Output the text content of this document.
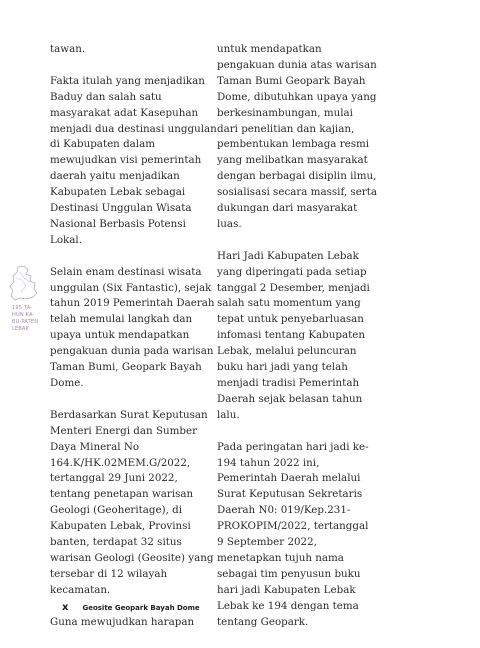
tawan.

Fakta itulah yang menjadikan Baduy dan salah satu masyarakat adat Kasepuhan menjadi dua destinasi unggulan di Kabupaten dalam mewujudkan visi pemerintah daerah yaitu menjadikan Kabupaten Lebak sebagai Destinasi Unggulan Wisata Nasional Berbasis Potensi Lokal.

Selain enam destinasi wisata unggulan (Six Fantastic), sejak tahun 2019 Pemerintah Daerah telah memulai langkah dan upaya untuk mendapatkan pengakuan dunia pada warisan Taman Bumi, Geopark Bayah Dome.

Berdasarkan Surat Keputusan Menteri Energi dan Sumber Daya Mineral No 164.K/HK.02MEM.G/2022, tertanggal 29 Juni 2022, tentang penetapan warisan Geologi (Geoheritage), di Kabupaten Lebak, Provinsi banten, terdapat 32 situs warisan Geologi (Geosite) yang tersebar di 12 wilayah kecamatan.

Guna mewujudkan harapan

untuk mendapatkan pengakuan dunia atas warisan Taman Bumi Geopark Bayah Dome, dibutuhkan upaya yang berkesinambungan, mulai dari penelitian dan kajian, pembentukan lembaga resmi yang melibatkan masyarakat dengan berbagai disiplin ilmu, sosialisasi secara massif, serta dukungan dari masyarakat luas.

Hari Jadi Kabupaten Lebak yang diperingati pada setiap tanggal 2 Desember, menjadi salah satu momentum yang tepat untuk penyebarluasan infomasi tentang Kabupaten Lebak, melalui peluncuran buku hari jadi yang telah menjadi tradisi Pemerintah Daerah sejak belasan tahun lalu.

Pada peringatan hari jadi ke-194 tahun 2022 ini, Pemerintah Daerah melalui Surat Keputusan Sekretaris Daerah N0: 019/Kep.231-PROKOPIM/2022, tertanggal 9 September 2022, menetapkan tujuh nama sebagai tim penyusun buku hari jadi Kabupaten Lebak Lebak ke 194 dengan tema tentang Geopark.

195 TA-HUN KA-BU-PATEN LEBAK
x Geosite Geopark Bayah Dome
